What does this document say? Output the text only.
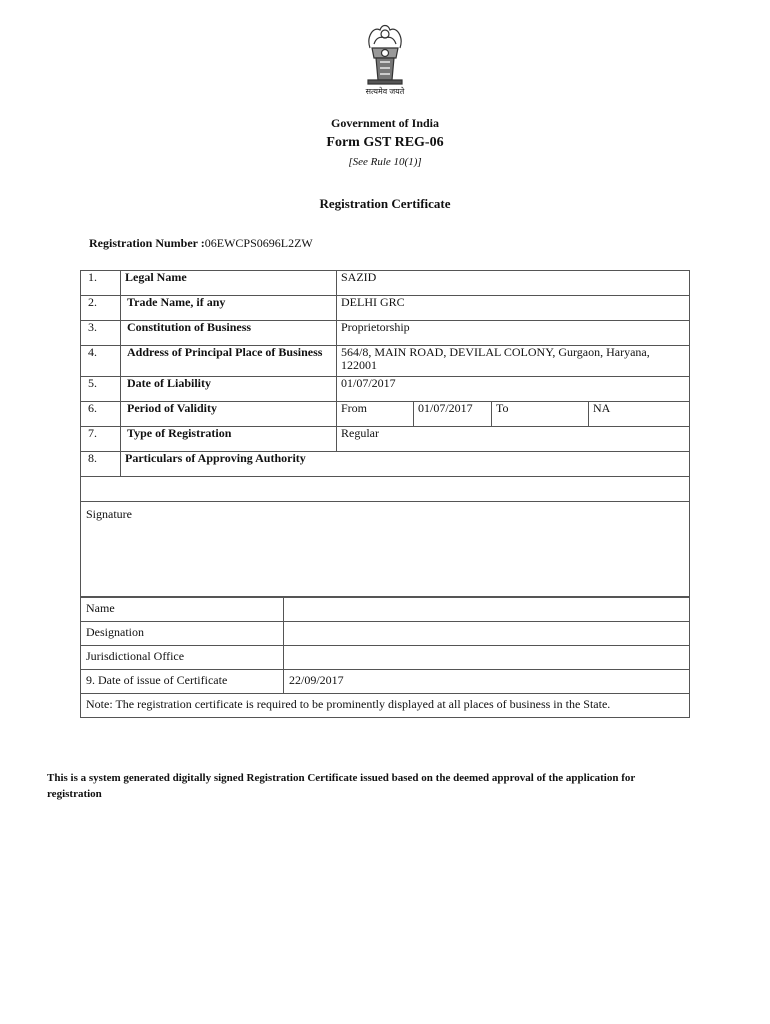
सत्यमेव जयते
Government of India
Form GST REG-06
[See Rule 10(1)]
Registration Certificate
Registration Number :06EWCPS0696L2ZW
1.	Legal Name	SAZID			
2.	Trade Name, if any	DELHI GRC			
3.	Constitution of Business	Proprietorship			
4.	Address of Principal Place of Business	564/8, MAIN ROAD, DEVILAL COLONY, Gurgaon, Haryana, 122001			
5.	Date of Liability	01/07/2017			
6.	Period of Validity	From	01/07/2017	To	NA
7.	Type of Registration	Regular			
8.	Particulars of Approving Authority				

Signature
Name	
Designation	
Jurisdictional Office	
9. Date of issue of Certificate	22/09/2017
Note: The registration certificate is required to be prominently displayed at all places of business in the State.	
This is a system generated digitally signed Registration Certificate issued based on the deemed approval of the application for registration
